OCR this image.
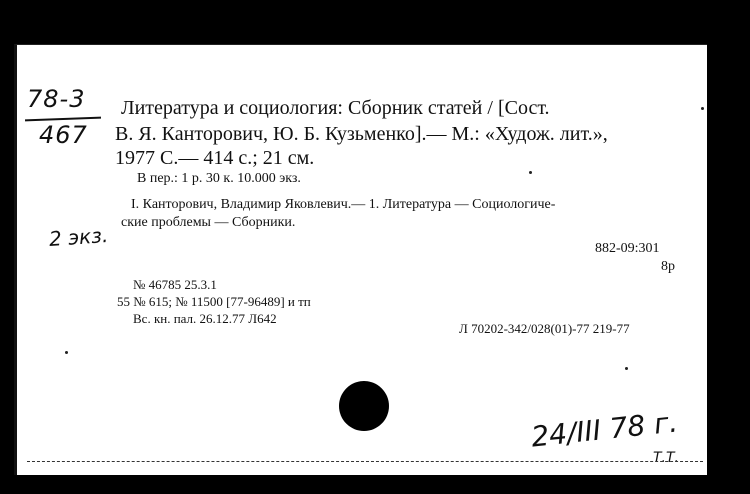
78-3
467
2 экз.
Литература и социология: Сборник статей / [Сост.
В. Я. Канторович, Ю. Б. Кузьменко].— М.: «Худож. лит.»,
1977 С.— 414 с.; 21 см.
В пер.: 1 р. 30 к. 10.000 экз.
I. Канторович, Владимир Яковлевич.— 1. Литература — Социологиче-
ские проблемы — Сборники.
882-09:301
8р
№ 46785 25.3.1
55 № 615; № 11500 [77-96489] и тп
Вс. кн. пал. 26.12.77 Л642
Л 70202-342/028(01)-77 219-77
24/III 78 г.
Т.Т.
